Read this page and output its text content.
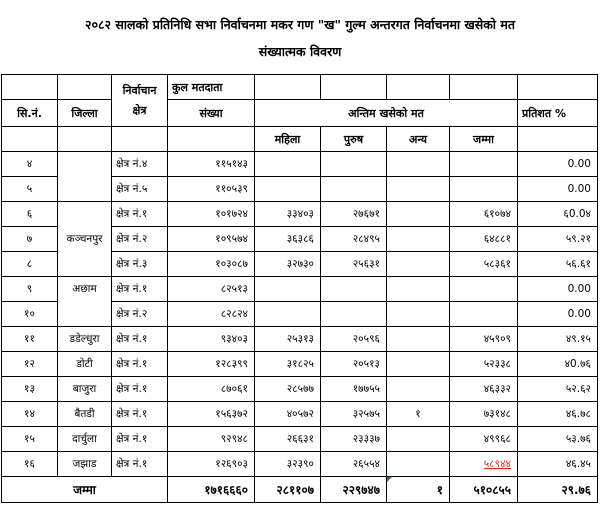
२०८२ सालको प्रतिनिधि सभा निर्वाचनमा मकर गण "ख" गुल्म अन्तरगत निर्वाचनमा खसेको मत
संख्यात्मक विवरण
		निर्वाचान क्षेत्र	कुल मतदाता					
सि.नं.	जिल्ला		संख्या	अन्तिम खसेको मत				प्रतिशत %
				महिला	पुरुष	अन्य	जम्मा	
४		क्षेत्र नं.४	११५१४३					0.00
५		क्षेत्र नं.५	११०५३९					0.00
६		क्षेत्र नं.१	१०१७२४	३३४०३	२७६७१		६१०७४	६0.0४
७	कञ्चनपुर	क्षेत्र नं.२	१०९५७४	३६३८६	२८४९५		६४८८१	५९.२१
८		क्षेत्र नं.३	१०३०८७	३२७३०	२५६३१		५८३६१	५६.६१
९	अछाम	क्षेत्र नं.१	८२५१३					0.00
१०		क्षेत्र नं.२	८२८२४					0.00
११	डडेल्धुरा	क्षेत्र नं.१	९३४०३	२५३१३	२०५९६		४५९०९	४९.१५
१२	डोटी	क्षेत्र नं.१	१२८३९९	३१८२५	२०५१३		५२३३८	४0.७६
१३	बाजुरा	क्षेत्र नं.१	८७०६१	२८५७७	१७७५५		४६३३२	५२.६२
१४	बैतडी	क्षेत्र नं.१	१५६३७२	४०५७२	३२५७५	१	७३१४८	४६.७८
१५	दार्चुला	क्षेत्र नं.१	९२९४८	२६६३१	२३३३७		४९९६८	५३.७६
१६	जझाड	क्षेत्र नं.१	१२६९०३	३२३९०	२६५५४		५८९४४	४६.४५
जम्मा			१७१६६६०	२८११०७	२२९७४७	१	५१०८५५	२९.७६
